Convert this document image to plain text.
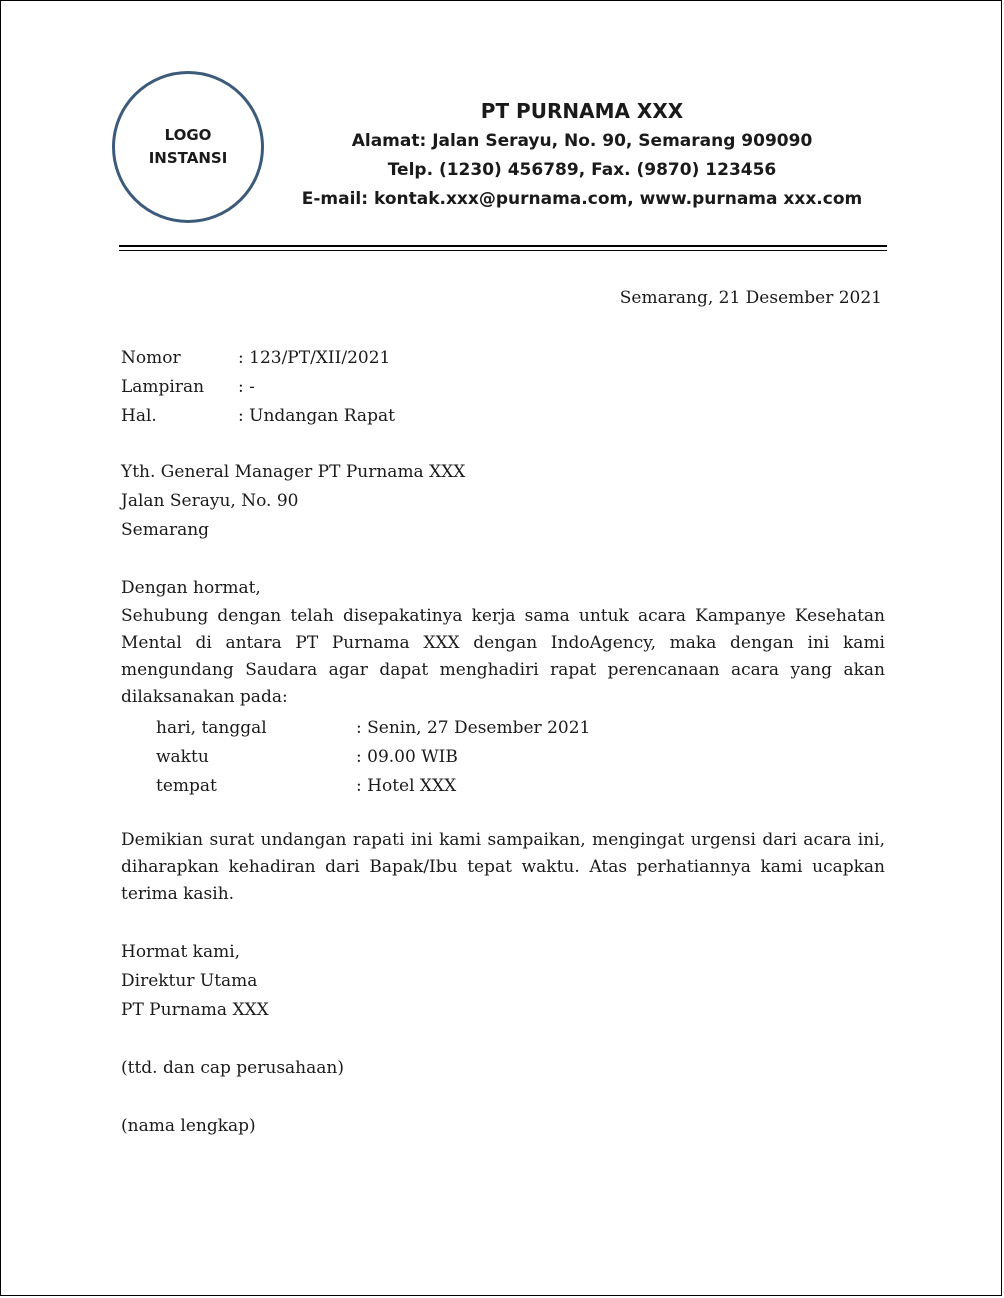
LOGO
INSTANSI
PT PURNAMA XXX
Alamat: Jalan Serayu, No. 90, Semarang 909090
Telp. (1230) 456789, Fax. (9870) 123456
E-mail: kontak.xxx@purnama.com, www.purnama xxx.com
Semarang, 21 Desember 2021
Nomor	: 123/PT/XII/2021
Lampiran	: -
Hal.	: Undangan Rapat
Yth. General Manager PT Purnama XXX
Jalan Serayu, No. 90
Semarang
Dengan hormat,

Sehubung dengan telah disepakatinya kerja sama untuk acara Kampanye Kesehatan Mental di antara PT Purnama XXX dengan IndoAgency, maka dengan ini kami mengundang Saudara agar dapat menghadiri rapat perencanaan acara yang akan dilaksanakan pada:

hari, tanggal	: Senin, 27 Desember 2021
waktu	: 09.00 WIB
tempat	: Hotel XXX

Demikian surat undangan rapati ini kami sampaikan, mengingat urgensi dari acara ini, diharapkan kehadiran dari Bapak/Ibu tepat waktu. Atas perhatiannya kami ucapkan terima kasih.

Hormat kami,
Direktur Utama
PT Purnama XXX
(ttd. dan cap perusahaan)
(nama lengkap)
